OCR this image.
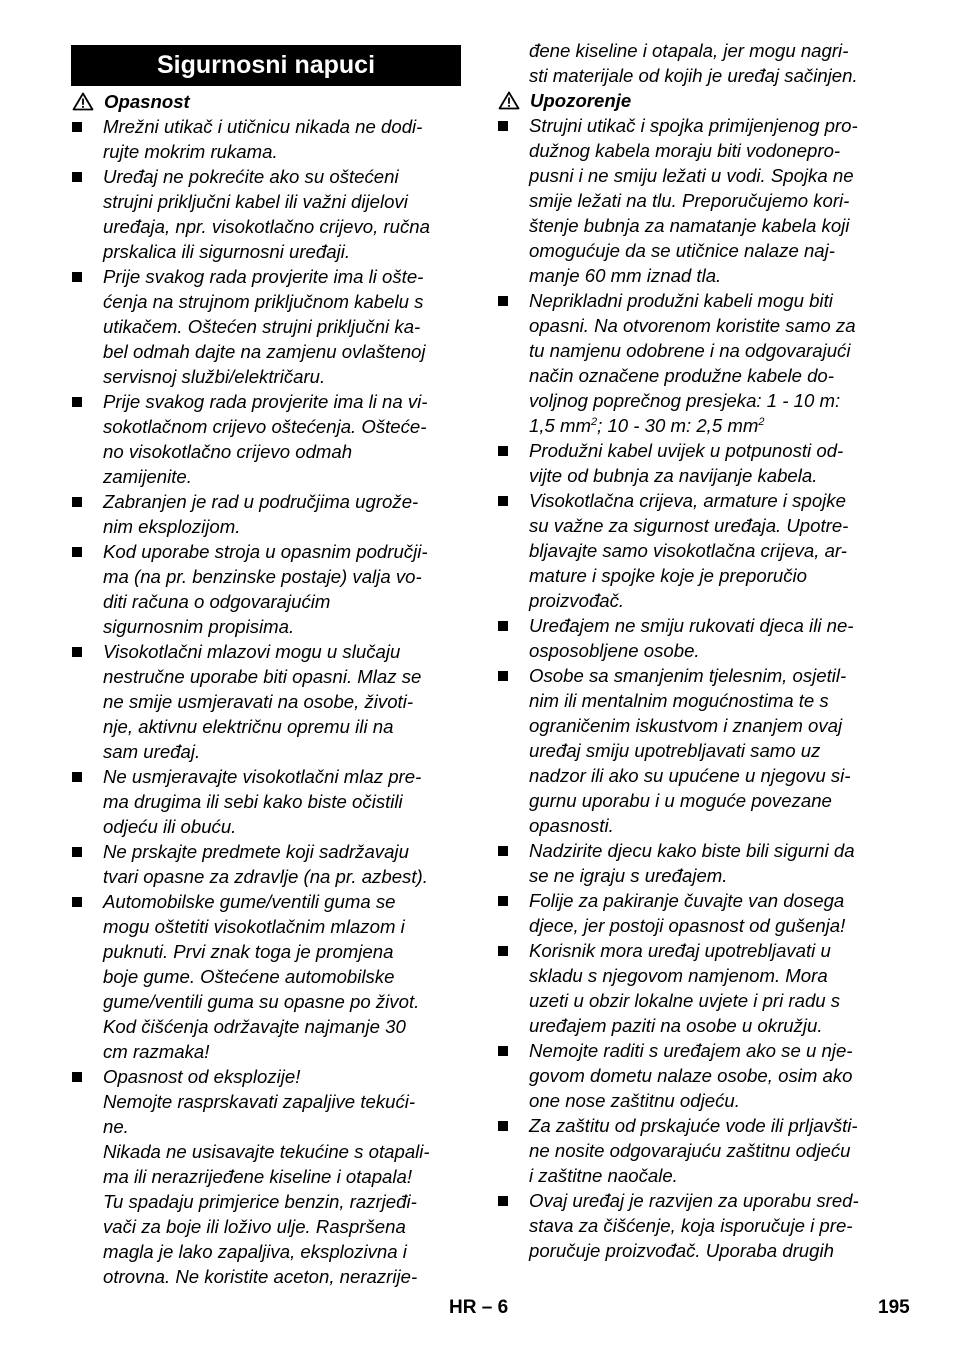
Sigurnosni napuci
Opasnost
Mrežni utikač i utičnicu nikada ne dodi-
rujte mokrim rukama.
Uređaj ne pokrećite ako su oštećeni
strujni priključni kabel ili važni dijelovi
uređaja, npr. visokotlačno crijevo, ručna
prskalica ili sigurnosni uređaji.
Prije svakog rada provjerite ima li ošte-
ćenja na strujnom priključnom kabelu s
utikačem. Oštećen strujni priključni ka-
bel odmah dajte na zamjenu ovlaštenoj
servisnoj službi/električaru.
Prije svakog rada provjerite ima li na vi-
sokotlačnom crijevo oštećenja. Ošteće-
no visokotlačno crijevo odmah
zamijenite.
Zabranjen je rad u područjima ugrože-
nim eksplozijom.
Kod uporabe stroja u opasnim područji-
ma (na pr. benzinske postaje) valja vo-
diti računa o odgovarajućim
sigurnosnim propisima.
Visokotlačni mlazovi mogu u slučaju
nestručne uporabe biti opasni. Mlaz se
ne smije usmjeravati na osobe, životi-
nje, aktivnu električnu opremu ili na
sam uređaj.
Ne usmjeravajte visokotlačni mlaz pre-
ma drugima ili sebi kako biste očistili
odjeću ili obuću.
Ne prskajte predmete koji sadržavaju
tvari opasne za zdravlje (na pr. azbest).
Automobilske gume/ventili guma se
mogu oštetiti visokotlačnim mlazom i
puknuti. Prvi znak toga je promjena
boje gume. Oštećene automobilske
gume/ventili guma su opasne po život.
Kod čišćenja održavajte najmanje 30
cm razmaka!
Opasnost od eksplozije!
Nemojte rasprskavati zapaljive tekući-
ne.
Nikada ne usisavajte tekućine s otapali-
ma ili nerazrijeđene kiseline i otapala!
Tu spadaju primjerice benzin, razrjeđi-
vači za boje ili loživo ulje. Raspršena
magla je lako zapaljiva, eksplozivna i
otrovna. Ne koristite aceton, nerazrije-

đene kiseline i otapala, jer mogu nagri-
sti materijale od kojih je uređaj sačinjen.

Upozorenje
Strujni utikač i spojka primijenjenog pro-
dužnog kabela moraju biti vodonepro-
pusni i ne smiju ležati u vodi. Spojka ne
smije ležati na tlu. Preporučujemo kori-
štenje bubnja za namatanje kabela koji
omogućuje da se utičnice nalaze naj-
manje 60 mm iznad tla.
Neprikladni produžni kabeli mogu biti
opasni. Na otvorenom koristite samo za
tu namjenu odobrene i na odgovarajući
način označene produžne kabele do-
voljnog poprečnog presjeka: 1 - 10 m:
1,5 $mm^2$; 10 - 30 m: 2,5 $mm^2$
Produžni kabel uvijek u potpunosti od-
vijte od bubnja za navijanje kabela.
Visokotlačna crijeva, armature i spojke
su važne za sigurnost uređaja. Upotre-
bljavajte samo visokotlačna crijeva, ar-
mature i spojke koje je preporučio
proizvođač.
Uređajem ne smiju rukovati djeca ili ne-
osposobljene osobe.
Osobe sa smanjenim tjelesnim, osjetil-
nim ili mentalnim mogućnostima te s
ograničenim iskustvom i znanjem ovaj
uređaj smiju upotrebljavati samo uz
nadzor ili ako su upućene u njegovu si-
gurnu uporabu i u moguće povezane
opasnosti.
Nadzirite djecu kako biste bili sigurni da
se ne igraju s uređajem.
Folije za pakiranje čuvajte van dosega
djece, jer postoji opasnost od gušenja!
Korisnik mora uređaj upotrebljavati u
skladu s njegovom namjenom. Mora
uzeti u obzir lokalne uvjete i pri radu s
uređajem paziti na osobe u okružju.
Nemojte raditi s uređajem ako se u nje-
govom dometu nalaze osobe, osim ako
one nose zaštitnu odjeću.
Za zaštitu od prskajuće vode ili prljavšti-
ne nosite odgovarajuću zaštitnu odjeću
i zaštitne naočale.
Ovaj uređaj je razvijen za uporabu sred-
stava za čišćenje, koja isporučuje i pre-
poručuje proizvođač. Uporaba drugih
HR – 6	195
